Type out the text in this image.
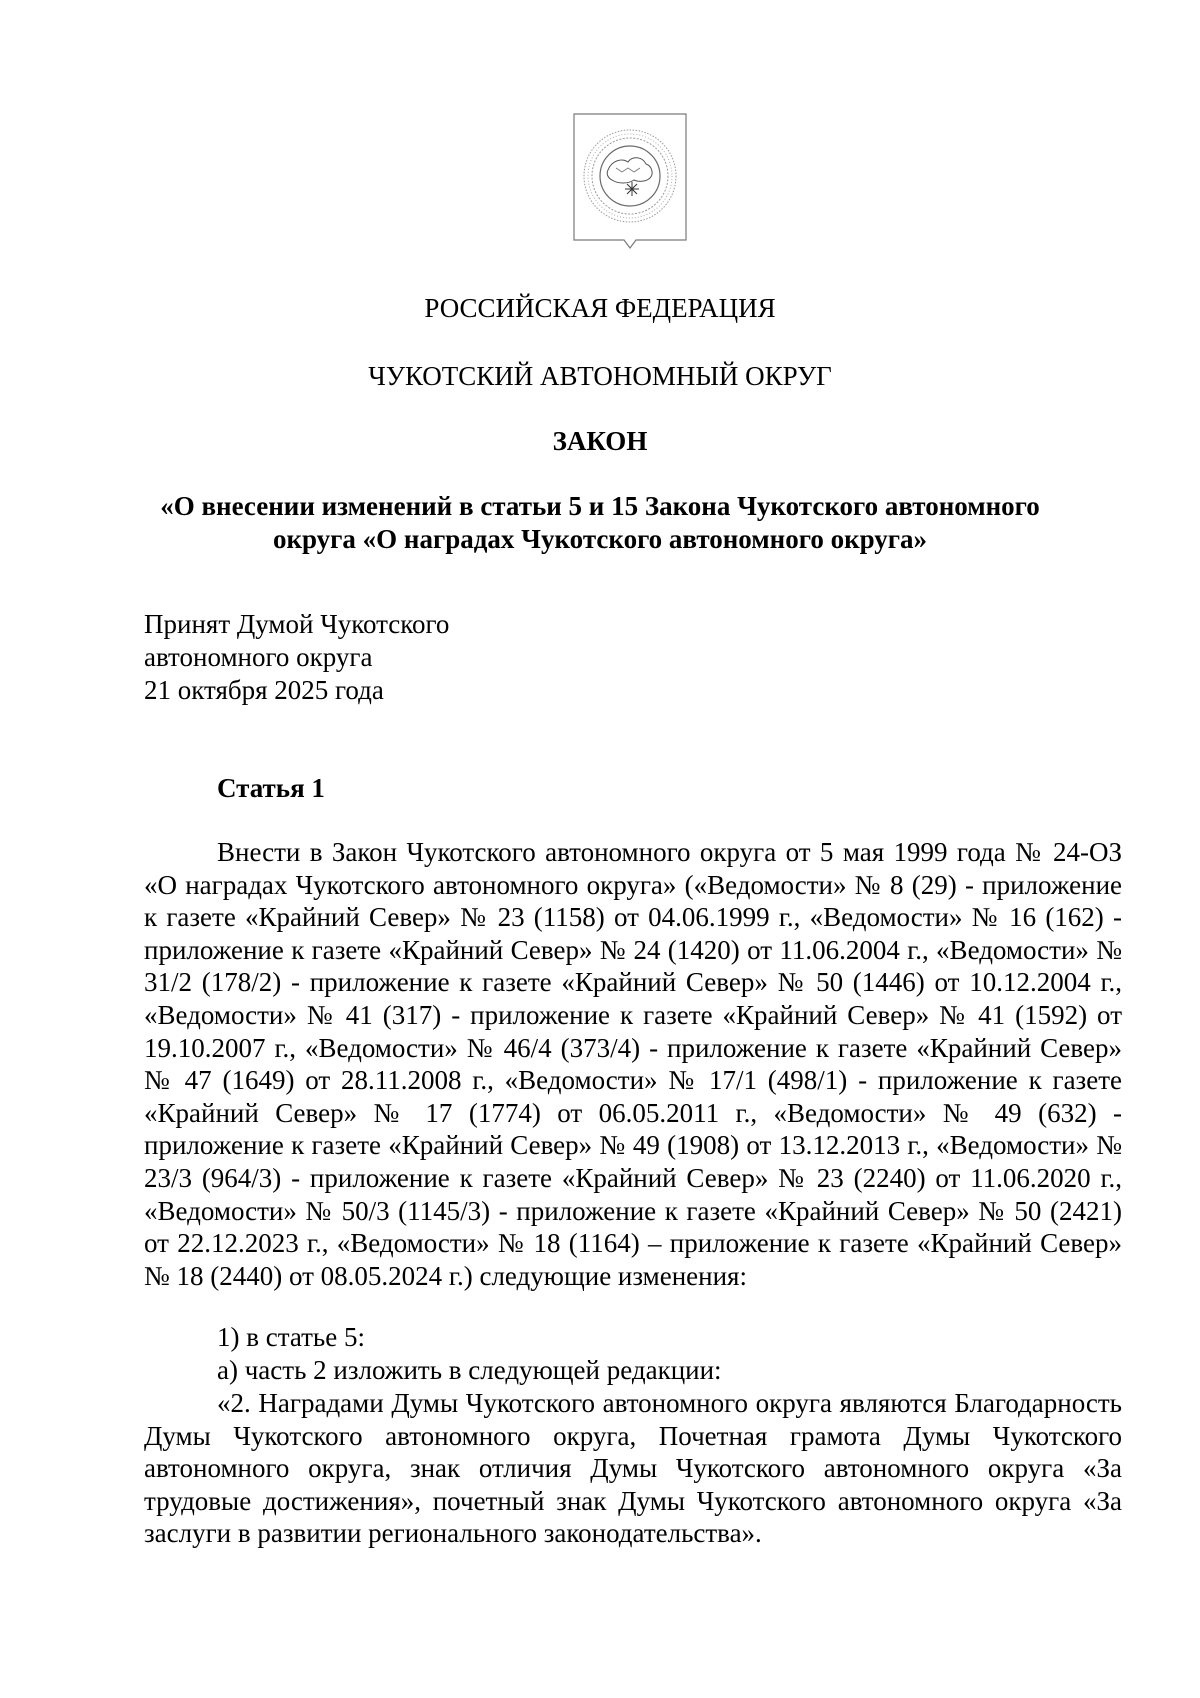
РОССИЙСКАЯ ФЕДЕРАЦИЯ
ЧУКОТСКИЙ АВТОНОМНЫЙ ОКРУГ
ЗАКОН
«О внесении изменений в статьи 5 и 15 Закона Чукотского автономного округа «О наградах Чукотского автономного округа»
Принят Думой Чукотского
автономного округа
21 октября 2025 года
Статья 1
Внести в Закон Чукотского автономного округа от 5 мая 1999 года № 24-ОЗ «О наградах Чукотского автономного округа» («Ведомости» № 8 (29) - приложение к газете «Крайний Север» № 23 (1158) от 04.06.1999 г., «Ведомости» № 16 (162) - приложение к газете «Крайний Север» № 24 (1420) от 11.06.2004 г., «Ведомости» № 31/2 (178/2) - приложение к газете «Крайний Север» № 50 (1446) от 10.12.2004 г., «Ведомости» № 41 (317) - приложение к газете «Крайний Север» № 41 (1592) от 19.10.2007 г., «Ведомости» № 46/4 (373/4) - приложение к газете «Крайний Север» № 47 (1649) от 28.11.2008 г., «Ведомости» № 17/1 (498/1) - приложение к газете «Крайний Север» № 17 (1774) от 06.05.2011 г., «Ведомости» № 49 (632) - приложение к газете «Крайний Север» № 49 (1908) от 13.12.2013 г., «Ведомости» № 23/3 (964/3) - приложение к газете «Крайний Север» № 23 (2240) от 11.06.2020 г., «Ведомости» № 50/3 (1145/3) - приложение к газете «Крайний Север» № 50 (2421) от 22.12.2023 г., «Ведомости» № 18 (1164) – приложение к газете «Крайний Север» № 18 (2440) от 08.05.2024 г.) следующие изменения:
1) в статье 5:
а) часть 2 изложить в следующей редакции:
«2. Наградами Думы Чукотского автономного округа являются Благодарность Думы Чукотского автономного округа, Почетная грамота Думы Чукотского автономного округа, знак отличия Думы Чукотского автономного округа «За трудовые достижения», почетный знак Думы Чукотского автономного округа «За заслуги в развитии регионального законодательства».
